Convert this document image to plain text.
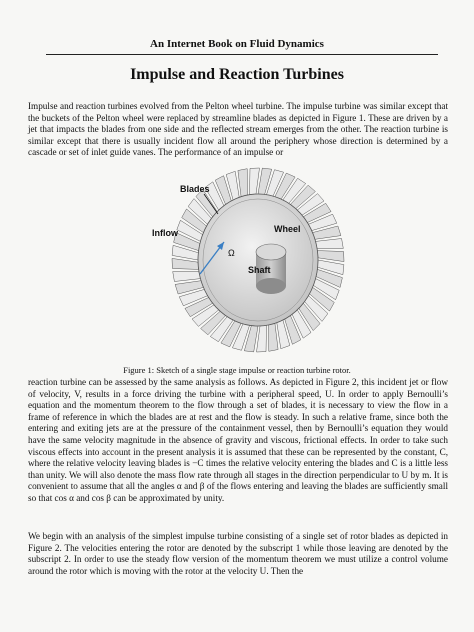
An Internet Book on Fluid Dynamics
Impulse and Reaction Turbines

Impulse and reaction turbines evolved from the Pelton wheel turbine. The impulse turbine was similar except that the buckets of the Pelton wheel were replaced by streamline blades as depicted in Figure 1. These are driven by a jet that impacts the blades from one side and the reflected stream emerges from the other. The reaction turbine is similar except that there is usually incident flow all around the periphery whose direction is determined by a cascade or set of inlet guide vanes. The performance of an impulse or

Blades
Inflow	Wheel
Ω
Shaft
Figure 1: Sketch of a single stage impulse or reaction turbine rotor.

reaction turbine can be assessed by the same analysis as follows. As depicted in Figure 2, this incident jet or flow of velocity, V, results in a force driving the turbine with a peripheral speed, U. In order to apply Bernoulli’s equation and the momentum theorem to the flow through a set of blades, it is necessary to view the flow in a frame of reference in which the blades are at rest and the flow is steady. In such a relative frame, since both the entering and exiting jets are at the pressure of the containment vessel, then by Bernoulli’s equation they would have the same velocity magnitude in the absence of gravity and viscous, frictional effects. In order to take such viscous effects into account in the present analysis it is assumed that these can be represented by the constant, C, where the relative velocity leaving blades is −C times the relative velocity entering the blades and C is a little less than unity. We will also denote the mass flow rate through all stages in the direction perpendicular to U by m. It is convenient to assume that all the angles α and β of the flows entering and leaving the blades are sufficiently small so that cos α and cos β can be approximated by unity.

We begin with an analysis of the simplest impulse turbine consisting of a single set of rotor blades as depicted in Figure 2. The velocities entering the rotor are denoted by the subscript 1 while those leaving are denoted by the subscript 2. In order to use the steady flow version of the momentum theorem we must utilize a control volume around the rotor which is moving with the rotor at the velocity U. Then the
